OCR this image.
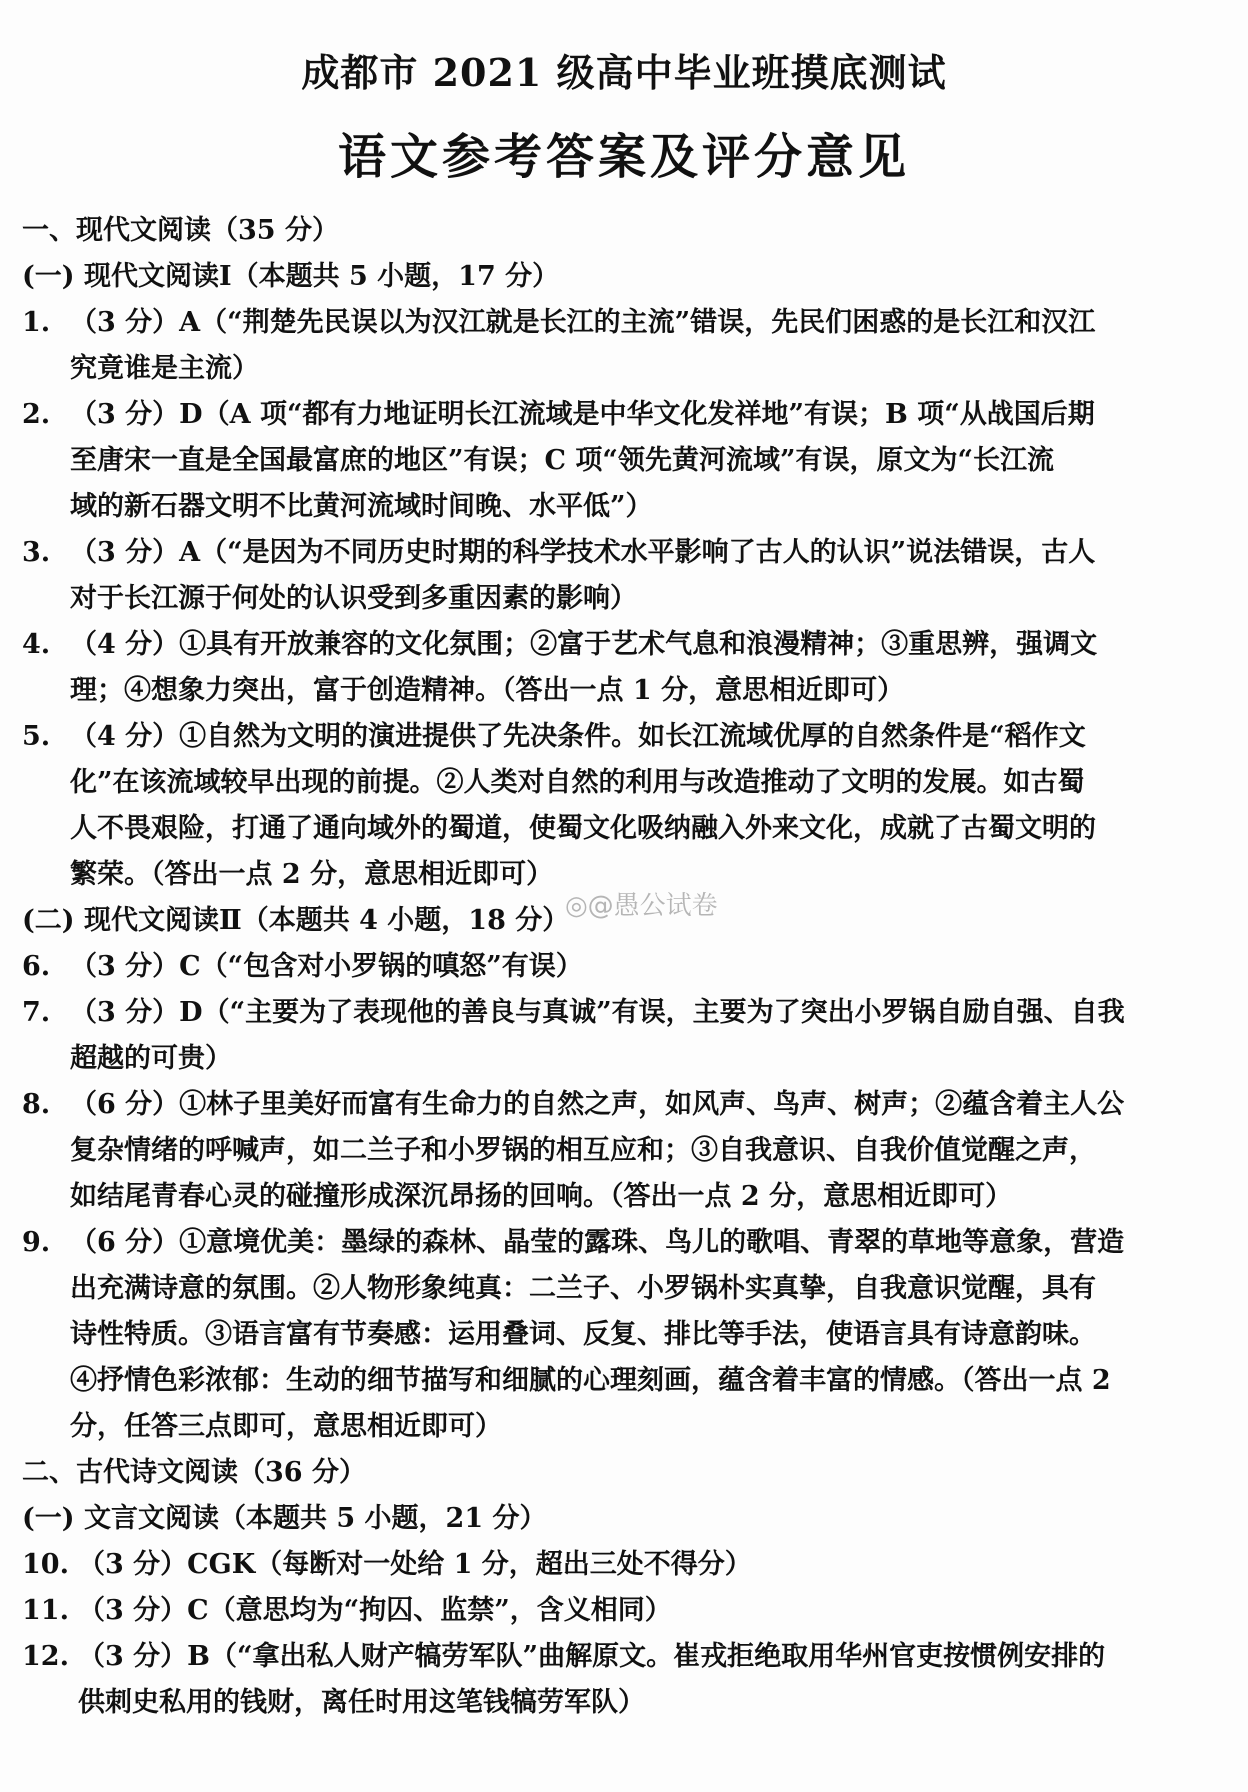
成都市 2021 级高中毕业班摸底测试
语文参考答案及评分意见
一、现代文阅读（35 分）
(一) 现代文阅读Ⅰ（本题共 5 小题，17 分）
1. （3 分）A（“荆楚先民误以为汉江就是长江的主流”错误，先民们困惑的是长江和汉江
究竟谁是主流）
2. （3 分）D（A 项“都有力地证明长江流域是中华文化发祥地”有误；B 项“从战国后期
至唐宋一直是全国最富庶的地区”有误；C 项“领先黄河流域”有误，原文为“长江流
域的新石器文明不比黄河流域时间晚、水平低”）
3. （3 分）A（“是因为不同历史时期的科学技术水平影响了古人的认识”说法错误，古人
对于长江源于何处的认识受到多重因素的影响）
4. （4 分）①具有开放兼容的文化氛围；②富于艺术气息和浪漫精神；③重思辨，强调文
理；④想象力突出，富于创造精神。（答出一点 1 分，意思相近即可）
5. （4 分）①自然为文明的演进提供了先决条件。如长江流域优厚的自然条件是“稻作文
化”在该流域较早出现的前提。②人类对自然的利用与改造推动了文明的发展。如古蜀
人不畏艰险，打通了通向域外的蜀道，使蜀文化吸纳融入外来文化，成就了古蜀文明的
繁荣。（答出一点 2 分，意思相近即可）
(二) 现代文阅读Ⅱ（本题共 4 小题，18 分）
6. （3 分）C（“包含对小罗锅的嗔怒”有误）
7. （3 分）D（“主要为了表现他的善良与真诚”有误，主要为了突出小罗锅自励自强、自我
超越的可贵）
8. （6 分）①林子里美好而富有生命力的自然之声，如风声、鸟声、树声；②蕴含着主人公
复杂情绪的呼喊声，如二兰子和小罗锅的相互应和；③自我意识、自我价值觉醒之声，
如结尾青春心灵的碰撞形成深沉昂扬的回响。（答出一点 2 分，意思相近即可）
9. （6 分）①意境优美：墨绿的森林、晶莹的露珠、鸟儿的歌唱、青翠的草地等意象，营造
出充满诗意的氛围。②人物形象纯真：二兰子、小罗锅朴实真挚，自我意识觉醒，具有
诗性特质。③语言富有节奏感：运用叠词、反复、排比等手法，使语言具有诗意韵味。
④抒情色彩浓郁：生动的细节描写和细腻的心理刻画，蕴含着丰富的情感。（答出一点 2
分，任答三点即可，意思相近即可）
二、古代诗文阅读（36 分）
(一) 文言文阅读（本题共 5 小题，21 分）
10. （3 分）CGK（每断对一处给 1 分，超出三处不得分）
11. （3 分）C（意思均为“拘囚、监禁”，含义相同）
12. （3 分）B（“拿出私人财产犒劳军队”曲解原文。崔戎拒绝取用华州官吏按惯例安排的
供刺史私用的钱财，离任时用这笔钱犒劳军队）
◎@愚公试卷
